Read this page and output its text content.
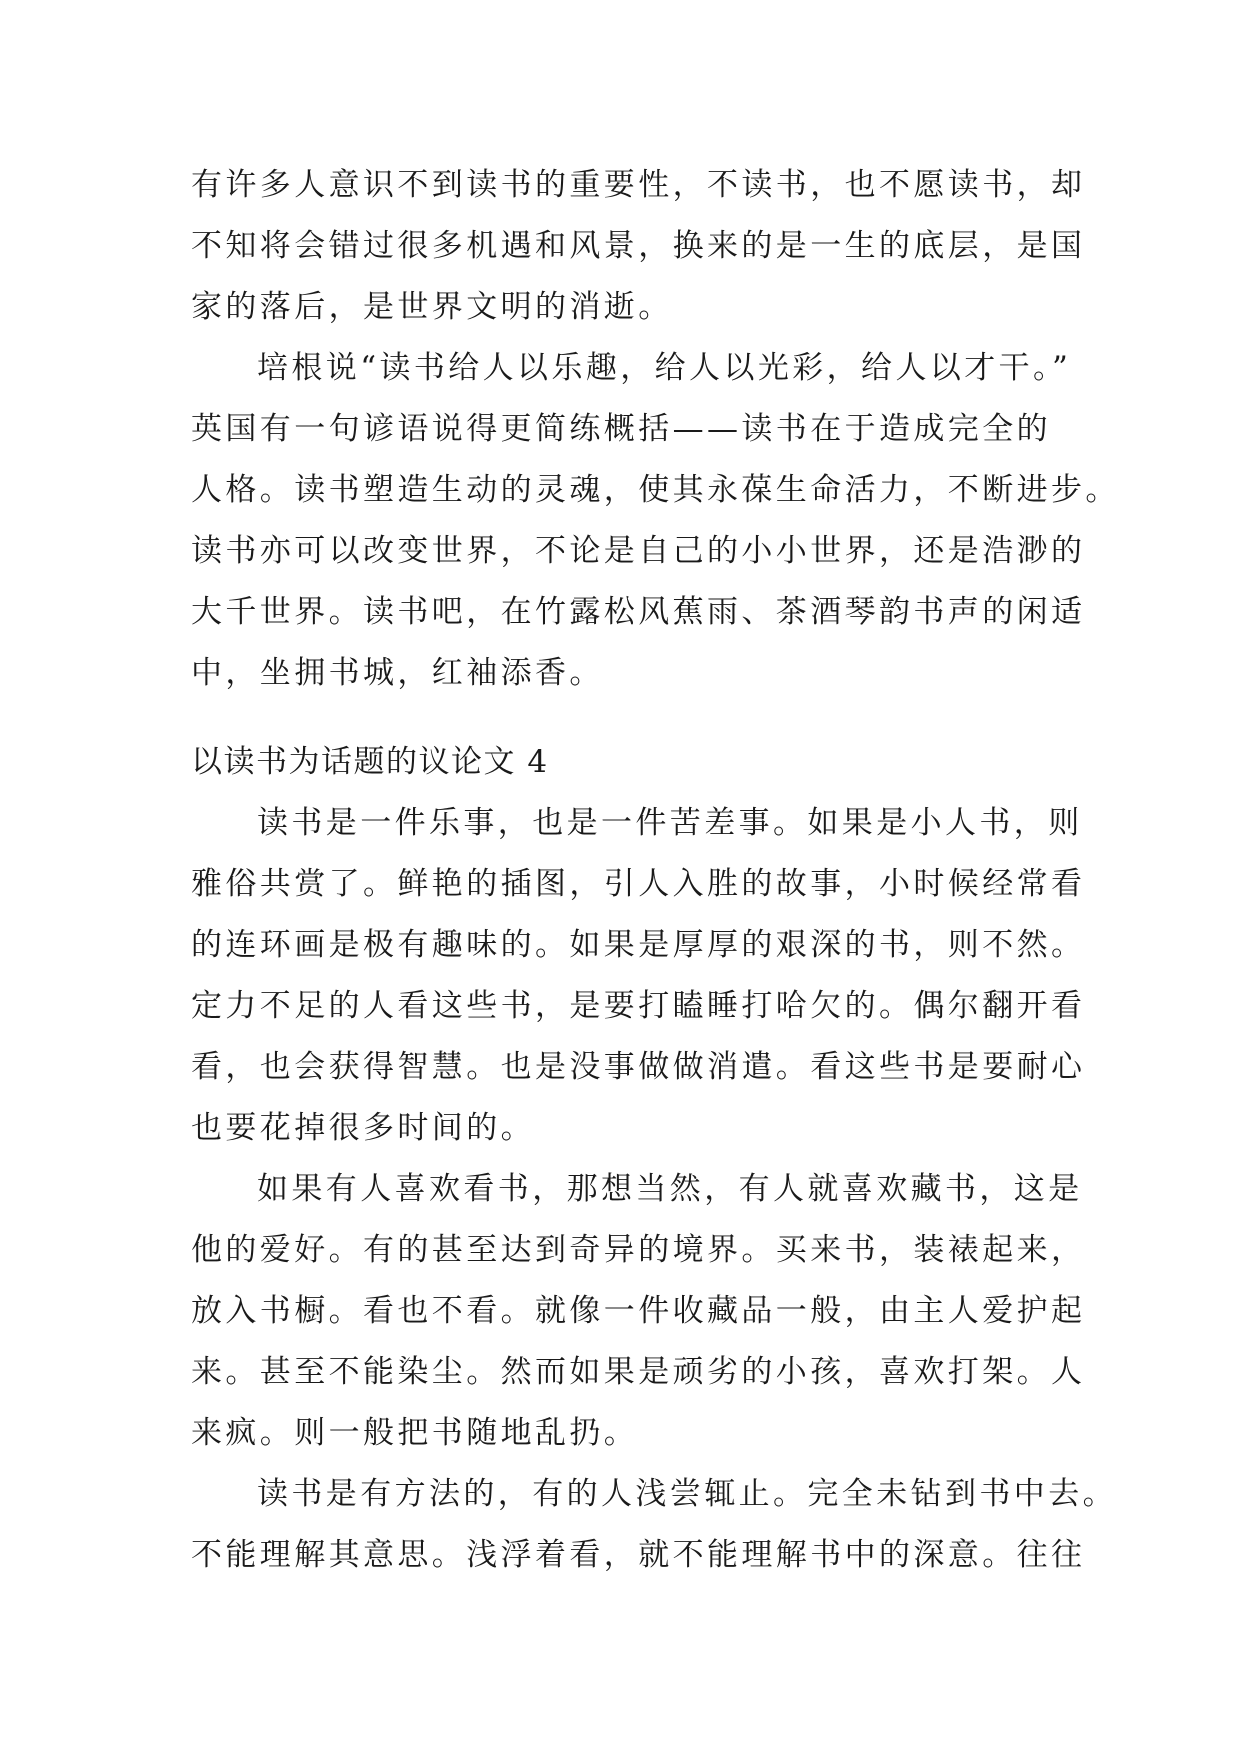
有许多人意识不到读书的重要性，不读书，也不愿读书，却
不知将会错过很多机遇和风景，换来的是一生的底层，是国
家的落后，是世界文明的消逝。
培根说“读书给人以乐趣，给人以光彩，给人以才干。”
英国有一句谚语说得更简练概括——读书在于造成完全的
人格。读书塑造生动的灵魂，使其永葆生命活力，不断进步。
读书亦可以改变世界，不论是自己的小小世界，还是浩渺的
大千世界。读书吧，在竹露松风蕉雨、茶酒琴韵书声的闲适
中，坐拥书城，红袖添香。
以读书为话题的议论文 4
读书是一件乐事，也是一件苦差事。如果是小人书，则
雅俗共赏了。鲜艳的插图，引人入胜的故事，小时候经常看
的连环画是极有趣味的。如果是厚厚的艰深的书，则不然。
定力不足的人看这些书，是要打瞌睡打哈欠的。偶尔翻开看
看，也会获得智慧。也是没事做做消遣。看这些书是要耐心
也要花掉很多时间的。
如果有人喜欢看书，那想当然，有人就喜欢藏书，这是
他的爱好。有的甚至达到奇异的境界。买来书，装裱起来，
放入书橱。看也不看。就像一件收藏品一般，由主人爱护起
来。甚至不能染尘。然而如果是顽劣的小孩，喜欢打架。人
来疯。则一般把书随地乱扔。
读书是有方法的，有的人浅尝辄止。完全未钻到书中去。
不能理解其意思。浅浮着看，就不能理解书中的深意。往往
